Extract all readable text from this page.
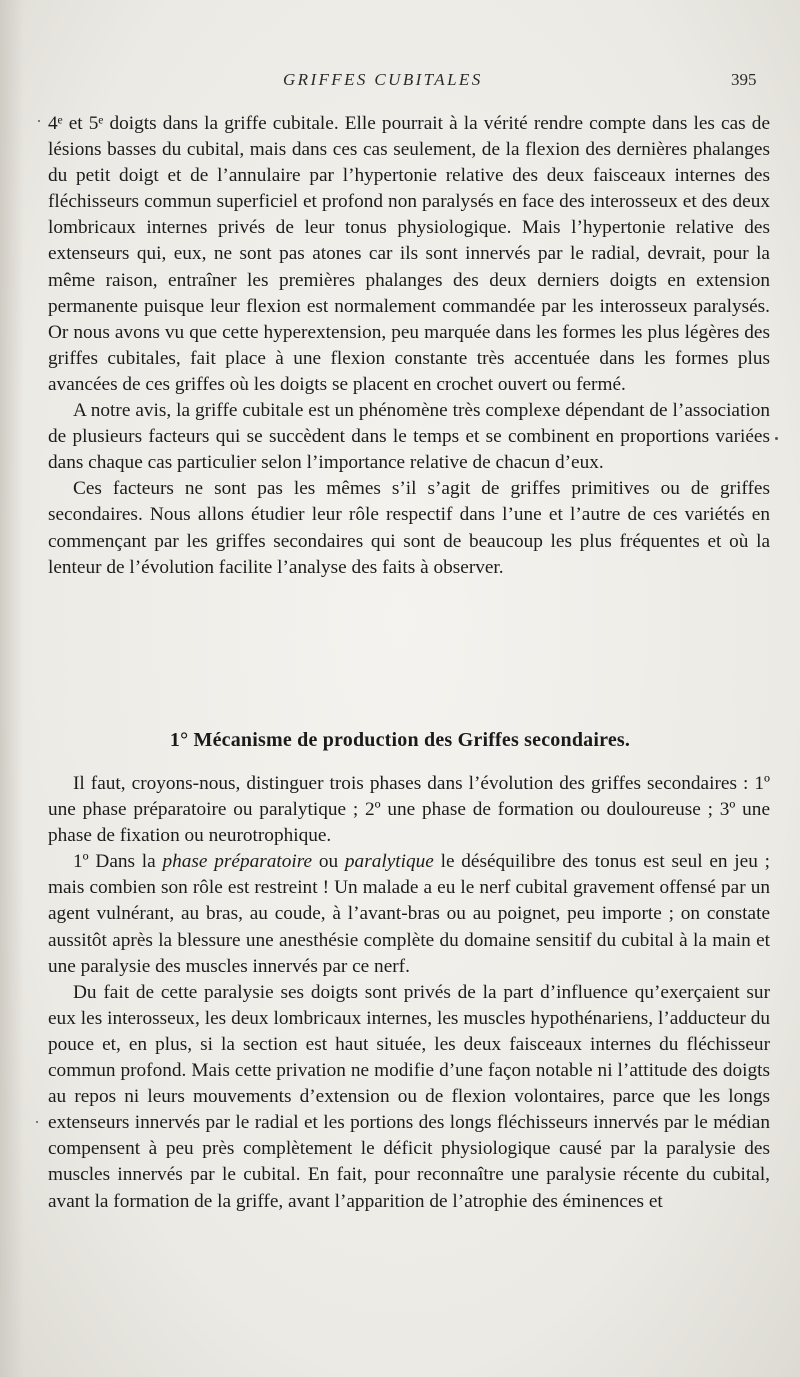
GRIFFES CUBITALES	395

4ᵉ et 5ᵉ doigts dans la griffe cubitale. Elle pourrait à la vérité rendre compte dans les cas de lésions basses du cubital, mais dans ces cas seulement, de la flexion des dernières phalanges du petit doigt et de l’annulaire par l’hypertonie relative des deux faisceaux internes des fléchisseurs commun superficiel et profond non paralysés en face des interosseux et des deux lombricaux internes privés de leur tonus physiologique. Mais l’hypertonie relative des extenseurs qui, eux, ne sont pas atones car ils sont innervés par le radial, devrait, pour la même raison, entraîner les premières phalanges des deux derniers doigts en extension permanente puisque leur flexion est normalement commandée par les interosseux paralysés. Or nous avons vu que cette hyperextension, peu marquée dans les formes les plus légères des griffes cubitales, fait place à une flexion constante très accentuée dans les formes plus avancées de ces griffes où les doigts se placent en crochet ouvert ou fermé.

A notre avis, la griffe cubitale est un phénomène très complexe dépendant de l’association de plusieurs facteurs qui se succèdent dans le temps et se combinent en proportions variées dans chaque cas particulier selon l’importance relative de chacun d’eux.

Ces facteurs ne sont pas les mêmes s’il s’agit de griffes primitives ou de griffes secondaires. Nous allons étudier leur rôle respectif dans l’une et l’autre de ces variétés en commençant par les griffes secondaires qui sont de beaucoup les plus fréquentes et où la lenteur de l’évolution facilite l’analyse des faits à observer.

1° Mécanisme de production des Griffes secondaires.

Il faut, croyons-nous, distinguer trois phases dans l’évolution des griffes secondaires : 1º une phase préparatoire ou paralytique ; 2º une phase de formation ou douloureuse ; 3º une phase de fixation ou neurotrophique.

1º Dans la phase préparatoire ou paralytique le déséquilibre des tonus est seul en jeu ; mais combien son rôle est restreint ! Un malade a eu le nerf cubital gravement offensé par un agent vulnérant, au bras, au coude, à l’avant-bras ou au poignet, peu importe ; on constate aussitôt après la blessure une anesthésie complète du domaine sensitif du cubital à la main et une paralysie des muscles innervés par ce nerf.

Du fait de cette paralysie ses doigts sont privés de la part d’influence qu’exerçaient sur eux les interosseux, les deux lombricaux internes, les muscles hypothénariens, l’adducteur du pouce et, en plus, si la section est haut située, les deux faisceaux internes du fléchisseur commun profond. Mais cette privation ne modifie d’une façon notable ni l’attitude des doigts au repos ni leurs mouvements d’extension ou de flexion volontaires, parce que les longs extenseurs innervés par le radial et les portions des longs fléchisseurs innervés par le médian compensent à peu près complètement le déficit physiologique causé par la paralysie des muscles innervés par le cubital. En fait, pour reconnaître une paralysie récente du cubital, avant la formation de la griffe, avant l’apparition de l’atrophie des éminences et
